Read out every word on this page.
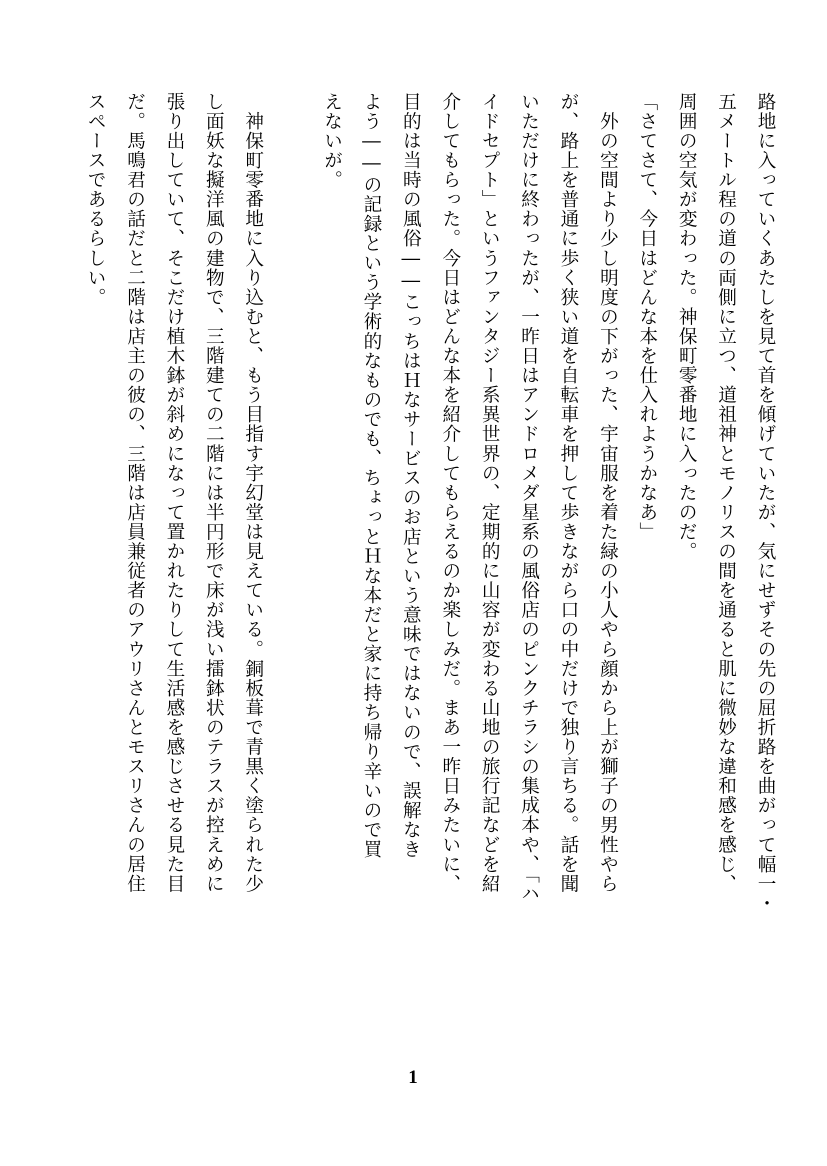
路地に入っていくあたしを見て首を傾げていたが、気にせずその先の屈折路を曲がって幅一・
五メートル程の道の両側に立つ、道祖神とモノリスの間を通ると肌に微妙な違和感を感じ、
周囲の空気が変わった。神保町零番地に入ったのだ。
「さてさて、今日はどんな本を仕入れようかなあ」
　外の空間より少し明度の下がった、宇宙服を着た緑の小人やら顔から上が獅子の男性やら
が、路上を普通に歩く狭い道を自転車を押して歩きながら口の中だけで独り言ちる。話を聞
いただけに終わったが、一昨日はアンドロメダ星系の風俗店のピンクチラシの集成本や、「ハ
イドセプト」というファンタジー系異世界の、定期的に山容が変わる山地の旅行記などを紹
介してもらった。今日はどんな本を紹介してもらえるのか楽しみだ。まあ一昨日みたいに、
目的は当時の風俗――こっちはＨなサービスのお店という意味ではないので、誤解なき
よう――の記録という学術的なものでも、ちょっとＨな本だと家に持ち帰り辛いので買
えないが。
　神保町零番地に入り込むと、もう目指す宇幻堂は見えている。銅板葺で青黒く塗られた少
し面妖な擬洋風の建物で、三階建ての二階には半円形で床が浅い擂鉢状のテラスが控えめに
張り出していて、そこだけ植木鉢が斜めになって置かれたりして生活感を感じさせる見た目
だ。馬鳴君の話だと二階は店主の彼の、三階は店員兼従者のアウリさんとモスリさんの居住
スペースであるらしい。
1
